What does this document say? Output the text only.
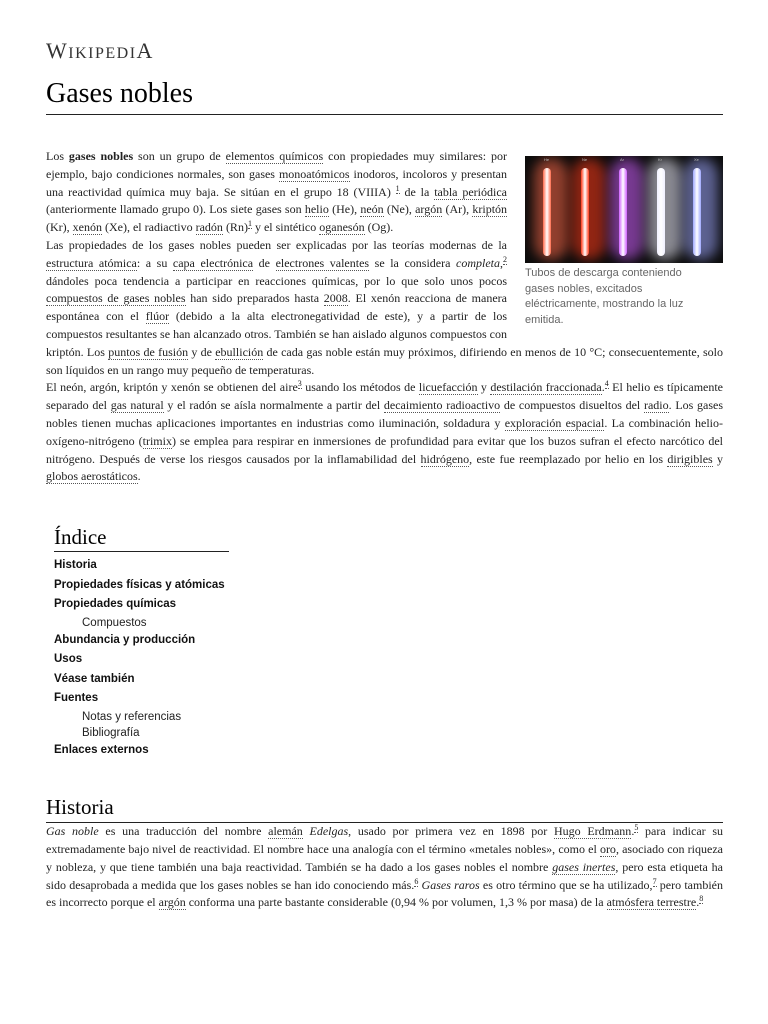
WIKIPEDIA
Gases nobles
He	Ne	Ar	Kr	Xe
Tubos de descarga conteniendo gases nobles, excitados eléctricamente, mostrando la luz emitida.

Los gases nobles son un grupo de elementos químicos con propiedades muy similares: por ejemplo, bajo condiciones normales, son gases monoatómicos inodoros, incoloros y presentan una reactividad química muy baja. Se sitúan en el grupo 18 (VIIIA) $^1$ de la tabla periódica (anteriormente llamado grupo 0). Los siete gases son helio (He), neón (Ne), argón (Ar), kriptón (Kr), xenón (Xe), el radiactivo radón $(Rn)^1$ y el sintético oganesón (Og).

Las propiedades de los gases nobles pueden ser explicadas por las teorías modernas de la estructura atómica: a su capa electrónica de electrones valentes se la considera completa,$^2$ dándoles poca tendencia a participar en reacciones químicas, por lo que solo unos pocos compuestos de gases nobles han sido preparados hasta 2008. El xenón reacciona de manera espontánea con el flúor (debido a la alta electronegatividad de este), y a partir de los compuestos resultantes se han alcanzado otros. También se han aislado algunos compuestos con kriptón. Los puntos de fusión y de ebullición de cada gas noble están muy próximos, difiriendo en menos de 10 °C; consecuentemente, solo son líquidos en un rango muy pequeño de temperaturas.

El neón, argón, kriptón y xenón se obtienen del aire$^3$ usando los métodos de licuefacción y destilación fraccionada.$^4$ El helio es típicamente separado del gas natural y el radón se aísla normalmente a partir del decaimiento radioactivo de compuestos disueltos del radio. Los gases nobles tienen muchas aplicaciones importantes en industrias como iluminación, soldadura y exploración espacial. La combinación helio-oxígeno-nitrógeno (trimix) se emplea para respirar en inmersiones de profundidad para evitar que los buzos sufran el efecto narcótico del nitrógeno. Después de verse los riesgos causados por la inflamabilidad del hidrógeno, este fue reemplazado por helio en los dirigibles y globos aerostáticos.

Índice
Historia
Propiedades físicas y atómicas
Propiedades químicas
Compuestos
Abundancia y producción
Usos
Véase también
Fuentes
Notas y referencias
Bibliografía
Enlaces externos
Historia

Gas noble es una traducción del nombre alemán Edelgas, usado por primera vez en 1898 por Hugo Erdmann.$^5$ para indicar su extremadamente bajo nivel de reactividad. El nombre hace una analogía con el término «metales nobles», como el oro, asociado con riqueza y nobleza, y que tiene también una baja reactividad. También se ha dado a los gases nobles el nombre gases inertes, pero esta etiqueta ha sido desaprobada a medida que los gases nobles se han ido conociendo más.$^6$ Gases raros es otro término que se ha utilizado,$^7$ pero también es incorrecto porque el argón conforma una parte bastante considerable (0,94 % por volumen, 1,3 % por masa) de la atmósfera terrestre.$^8$
